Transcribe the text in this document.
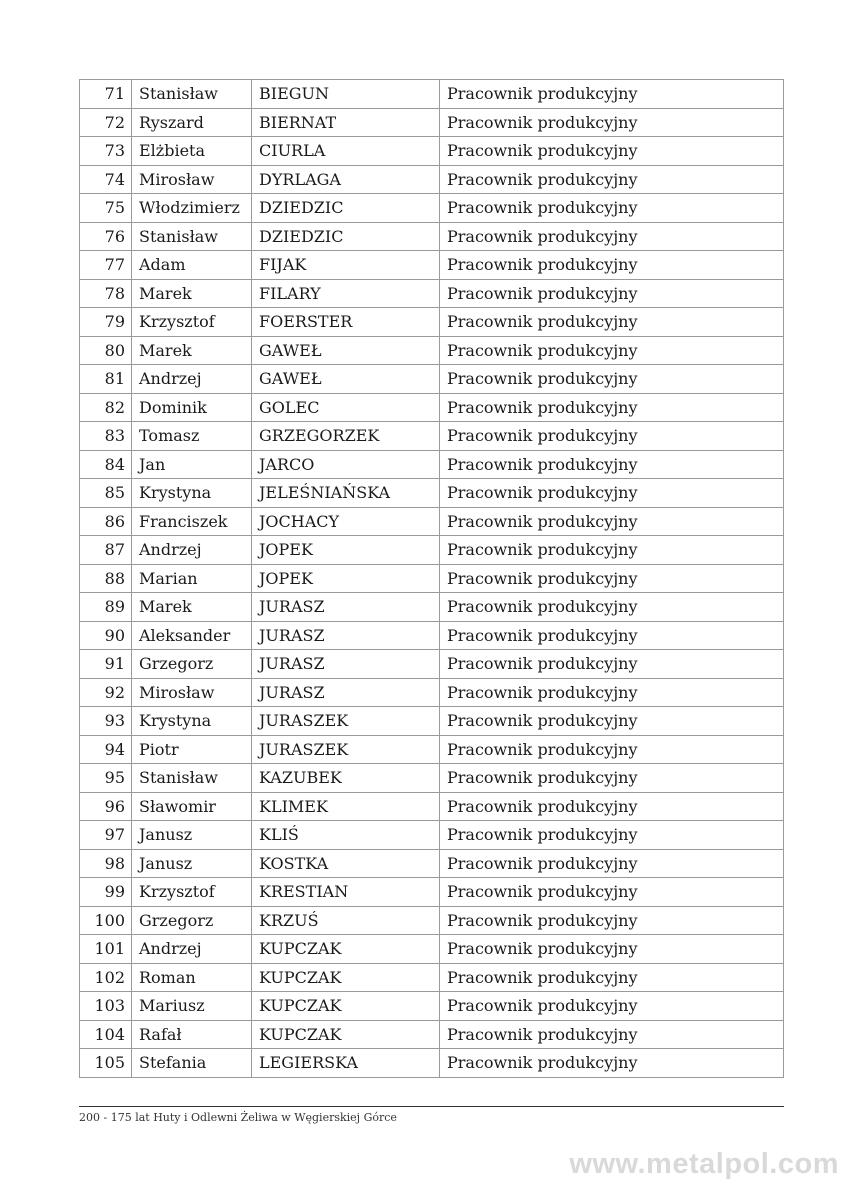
71	Stanisław	BIEGUN	Pracownik produkcyjny
72	Ryszard	BIERNAT	Pracownik produkcyjny
73	Elżbieta	CIURLA	Pracownik produkcyjny
74	Mirosław	DYRLAGA	Pracownik produkcyjny
75	Włodzimierz	DZIEDZIC	Pracownik produkcyjny
76	Stanisław	DZIEDZIC	Pracownik produkcyjny
77	Adam	FIJAK	Pracownik produkcyjny
78	Marek	FILARY	Pracownik produkcyjny
79	Krzysztof	FOERSTER	Pracownik produkcyjny
80	Marek	GAWEŁ	Pracownik produkcyjny
81	Andrzej	GAWEŁ	Pracownik produkcyjny
82	Dominik	GOLEC	Pracownik produkcyjny
83	Tomasz	GRZEGORZEK	Pracownik produkcyjny
84	Jan	JARCO	Pracownik produkcyjny
85	Krystyna	JELEŚNIAŃSKA	Pracownik produkcyjny
86	Franciszek	JOCHACY	Pracownik produkcyjny
87	Andrzej	JOPEK	Pracownik produkcyjny
88	Marian	JOPEK	Pracownik produkcyjny
89	Marek	JURASZ	Pracownik produkcyjny
90	Aleksander	JURASZ	Pracownik produkcyjny
91	Grzegorz	JURASZ	Pracownik produkcyjny
92	Mirosław	JURASZ	Pracownik produkcyjny
93	Krystyna	JURASZEK	Pracownik produkcyjny
94	Piotr	JURASZEK	Pracownik produkcyjny
95	Stanisław	KAZUBEK	Pracownik produkcyjny
96	Sławomir	KLIMEK	Pracownik produkcyjny
97	Janusz	KLIŚ	Pracownik produkcyjny
98	Janusz	KOSTKA	Pracownik produkcyjny
99	Krzysztof	KRESTIAN	Pracownik produkcyjny
100	Grzegorz	KRZUŚ	Pracownik produkcyjny
101	Andrzej	KUPCZAK	Pracownik produkcyjny
102	Roman	KUPCZAK	Pracownik produkcyjny
103	Mariusz	KUPCZAK	Pracownik produkcyjny
104	Rafał	KUPCZAK	Pracownik produkcyjny
105	Stefania	LEGIERSKA	Pracownik produkcyjny
200 - 175 lat Huty i Odlewni Żeliwa w Węgierskiej Górce
www.metalpol.com
